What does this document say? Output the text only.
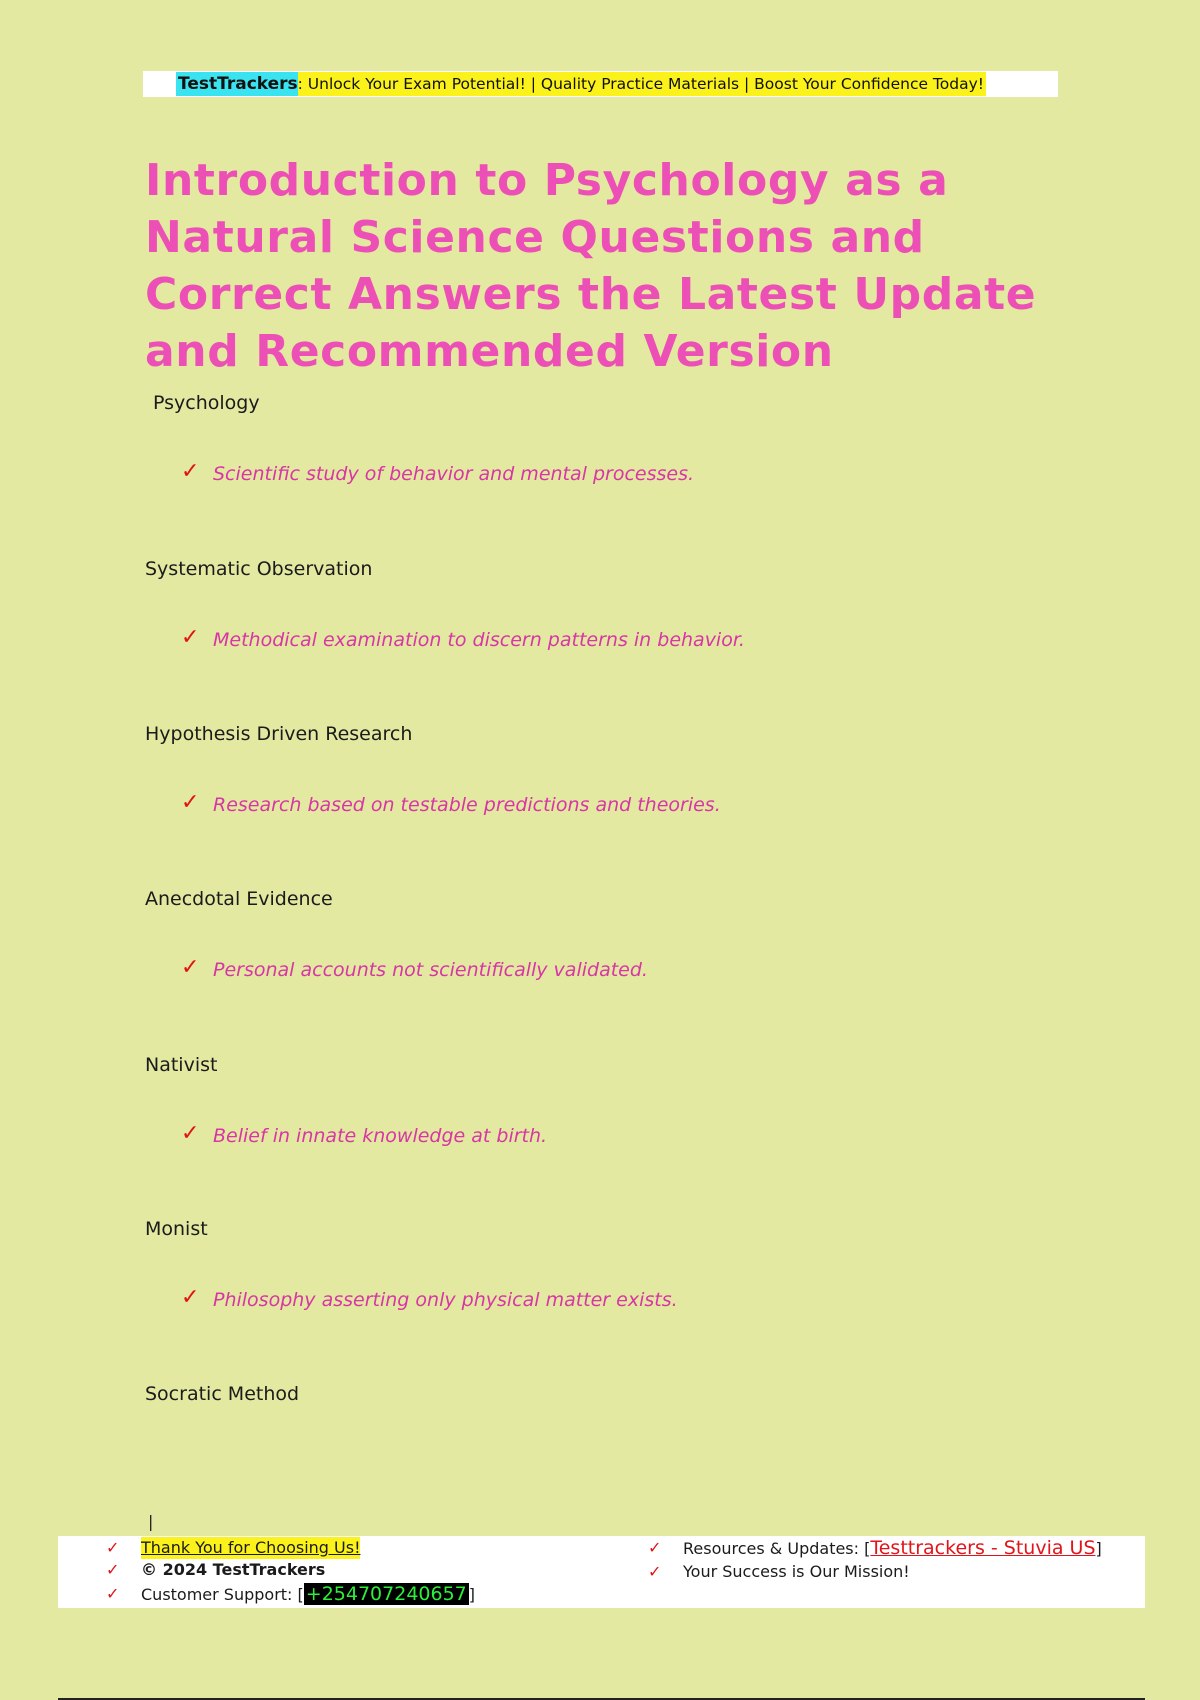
TestTrackers : Unlock Your Exam Potential! | Quality Practice Materials | Boost Your Confidence Today!
Introduction to Psychology as a Natural Science Questions and Correct Answers the Latest Update and Recommended Version

Psychology

✓ Scientific study of behavior and mental processes.

Systematic Observation

✓ Methodical examination to discern patterns in behavior.

Hypothesis Driven Research

✓ Research based on testable predictions and theories.

Anecdotal Evidence

✓ Personal accounts not scientifically validated.

Nativist

✓ Belief in innate knowledge at birth.

Monist

✓ Philosophy asserting only physical matter exists.

Socratic Method

|
✓ Thank You for Choosing Us!
✓ © 2024 TestTrackers
✓ Customer Support: [ +254707240657 ]
✓ Resources & Updates: [Testtrackers - Stuvia US]
✓ Your Success is Our Mission!
